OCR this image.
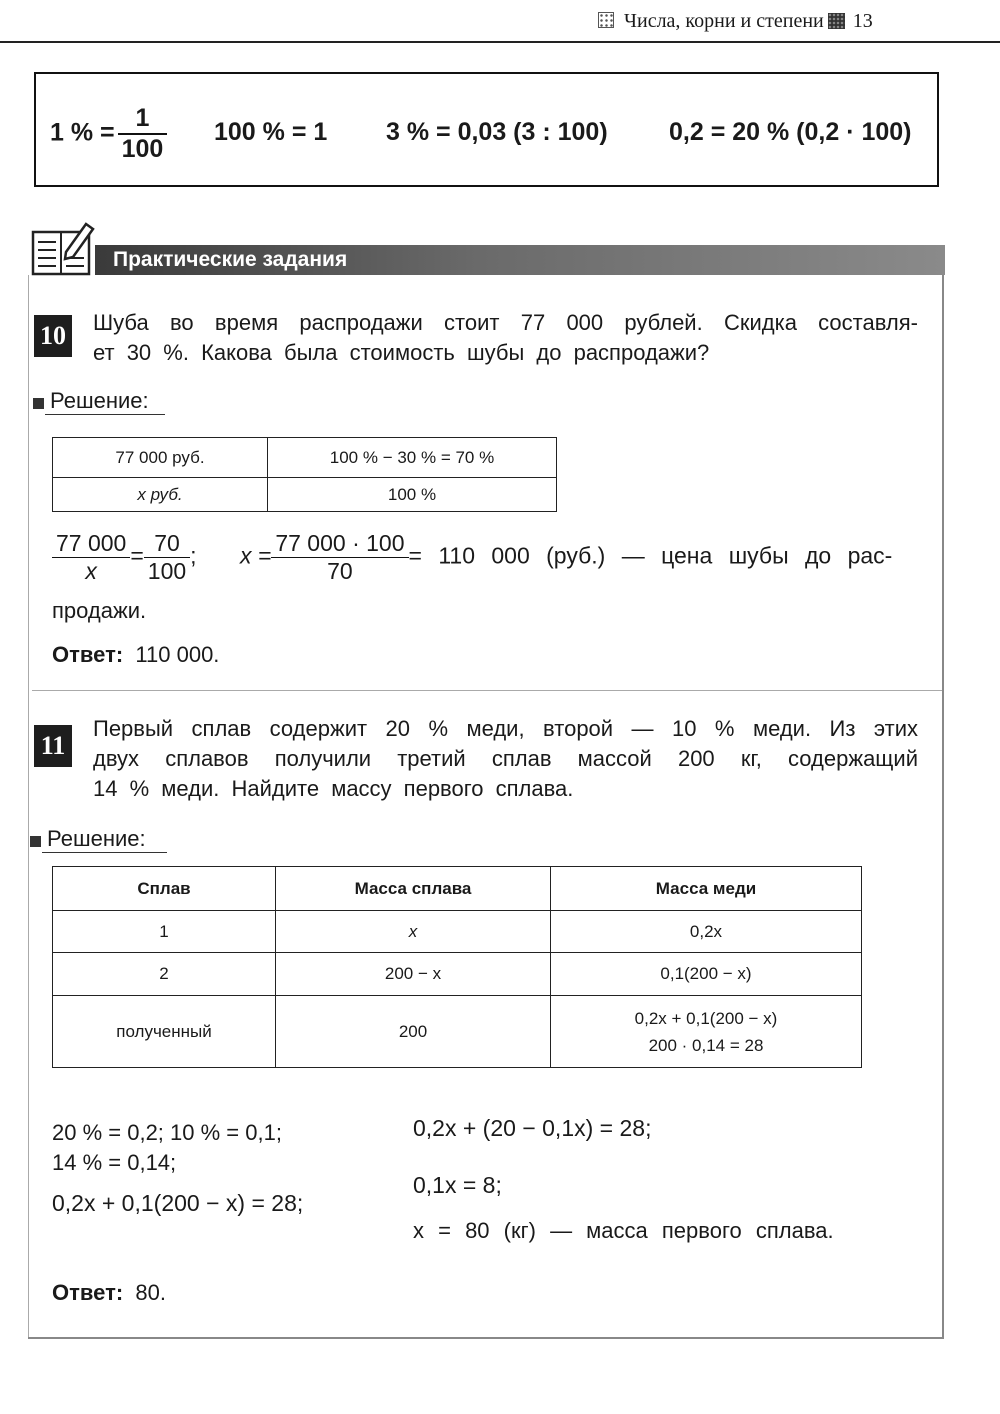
Числа, корни и степени 13
1 % = $\frac{1}{100} 100$ % = 1 3 % = 0,03 (3 : 100) 0,2 = 20 % (0,2 · 100)
Практические задания
10 Шуба во время распродажи стоит 77 000 рублей. Скидка составля-
ет 30 %. Какова была стоимость шубы до распродажи?
Решение:
77 000 руб.	100 % − 30 % = 70 %
x руб.	100 %
$\frac{77 000}{x} = \frac{70}{100}$ ; $x = \frac{77 000 \cdot 100}{70} = 110$ 000 (руб.) — цена шубы до рас-
продажи.
Ответ: 110 000.
11
Первый сплав содержит 20 % меди, второй — 10 % меди. Из этих
двух сплавов получили третий сплав массой 200 кг, содержащий
14 % меди. Найдите массу первого сплава.
Решение:
Сплав	Масса сплава	Масса меди
1	x	0,2x
2	200 − x	0,1(200 − x)
полученный	200	0,2x + 0,1(200 − x)
200 · 0,14 = 28
20 % = 0,2; 10 % = 0,1;
14 % = 0,14;
0,2x + 0,1(200 − x) = 28;
0,2x + (20 − 0,1x) = 28;
0,1x = 8;
x = 80 (кг) — масса первого сплава.
Ответ: 80.
